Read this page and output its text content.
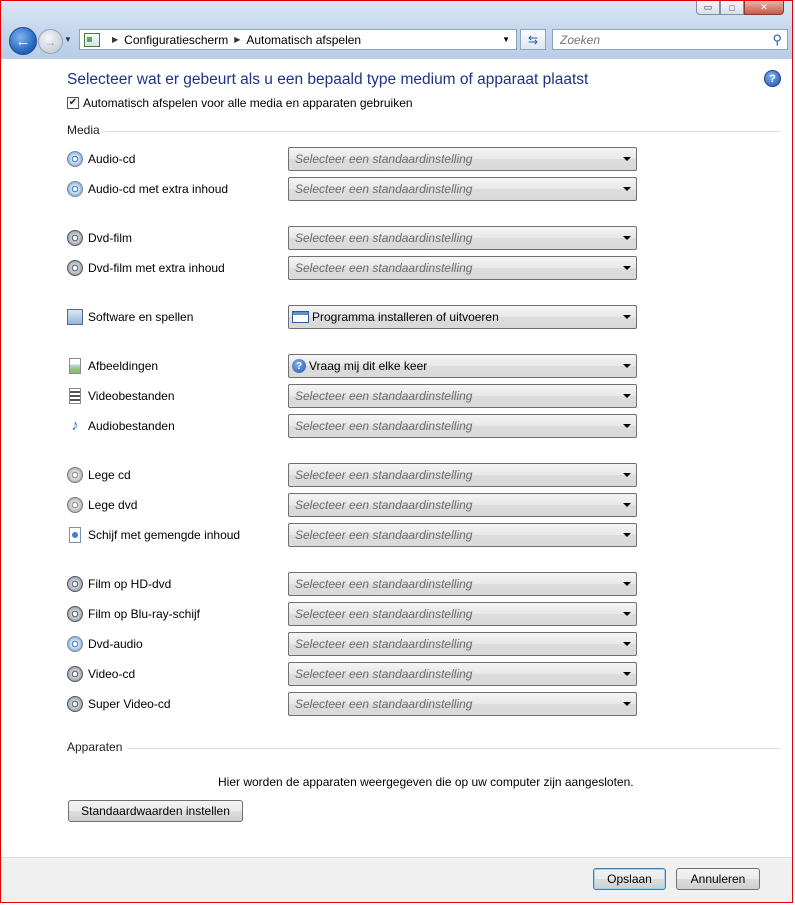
▭	□	✕
← → ▼	▶ Configuratiescherm ▶ Automatisch afspelen	▼ ⇆
Zoeken	⚲
Selecteer wat er gebeurt als u een bepaald type medium of apparaat plaatst	?
✔ Automatisch afspelen voor alle media en apparaten gebruiken
Media
Audio-cd	Selecteer een standaardinstelling
Audio-cd met extra inhoud	Selecteer een standaardinstelling
Dvd-film	Selecteer een standaardinstelling
Dvd-film met extra inhoud	Selecteer een standaardinstelling
Software en spellen	Programma installeren of uitvoeren
Afbeeldingen	? Vraag mij dit elke keer
Videobestanden	Selecteer een standaardinstelling
♪ Audiobestanden	Selecteer een standaardinstelling
Lege cd	Selecteer een standaardinstelling
Lege dvd	Selecteer een standaardinstelling
Schijf met gemengde inhoud	Selecteer een standaardinstelling
Film op HD-dvd	Selecteer een standaardinstelling
Film op Blu-ray-schijf	Selecteer een standaardinstelling
Dvd-audio	Selecteer een standaardinstelling
Video-cd	Selecteer een standaardinstelling
Super Video-cd	Selecteer een standaardinstelling
Apparaten
Hier worden de apparaten weergegeven die op uw computer zijn aangesloten.
Standaardwaarden instellen
Opslaan	Annuleren
